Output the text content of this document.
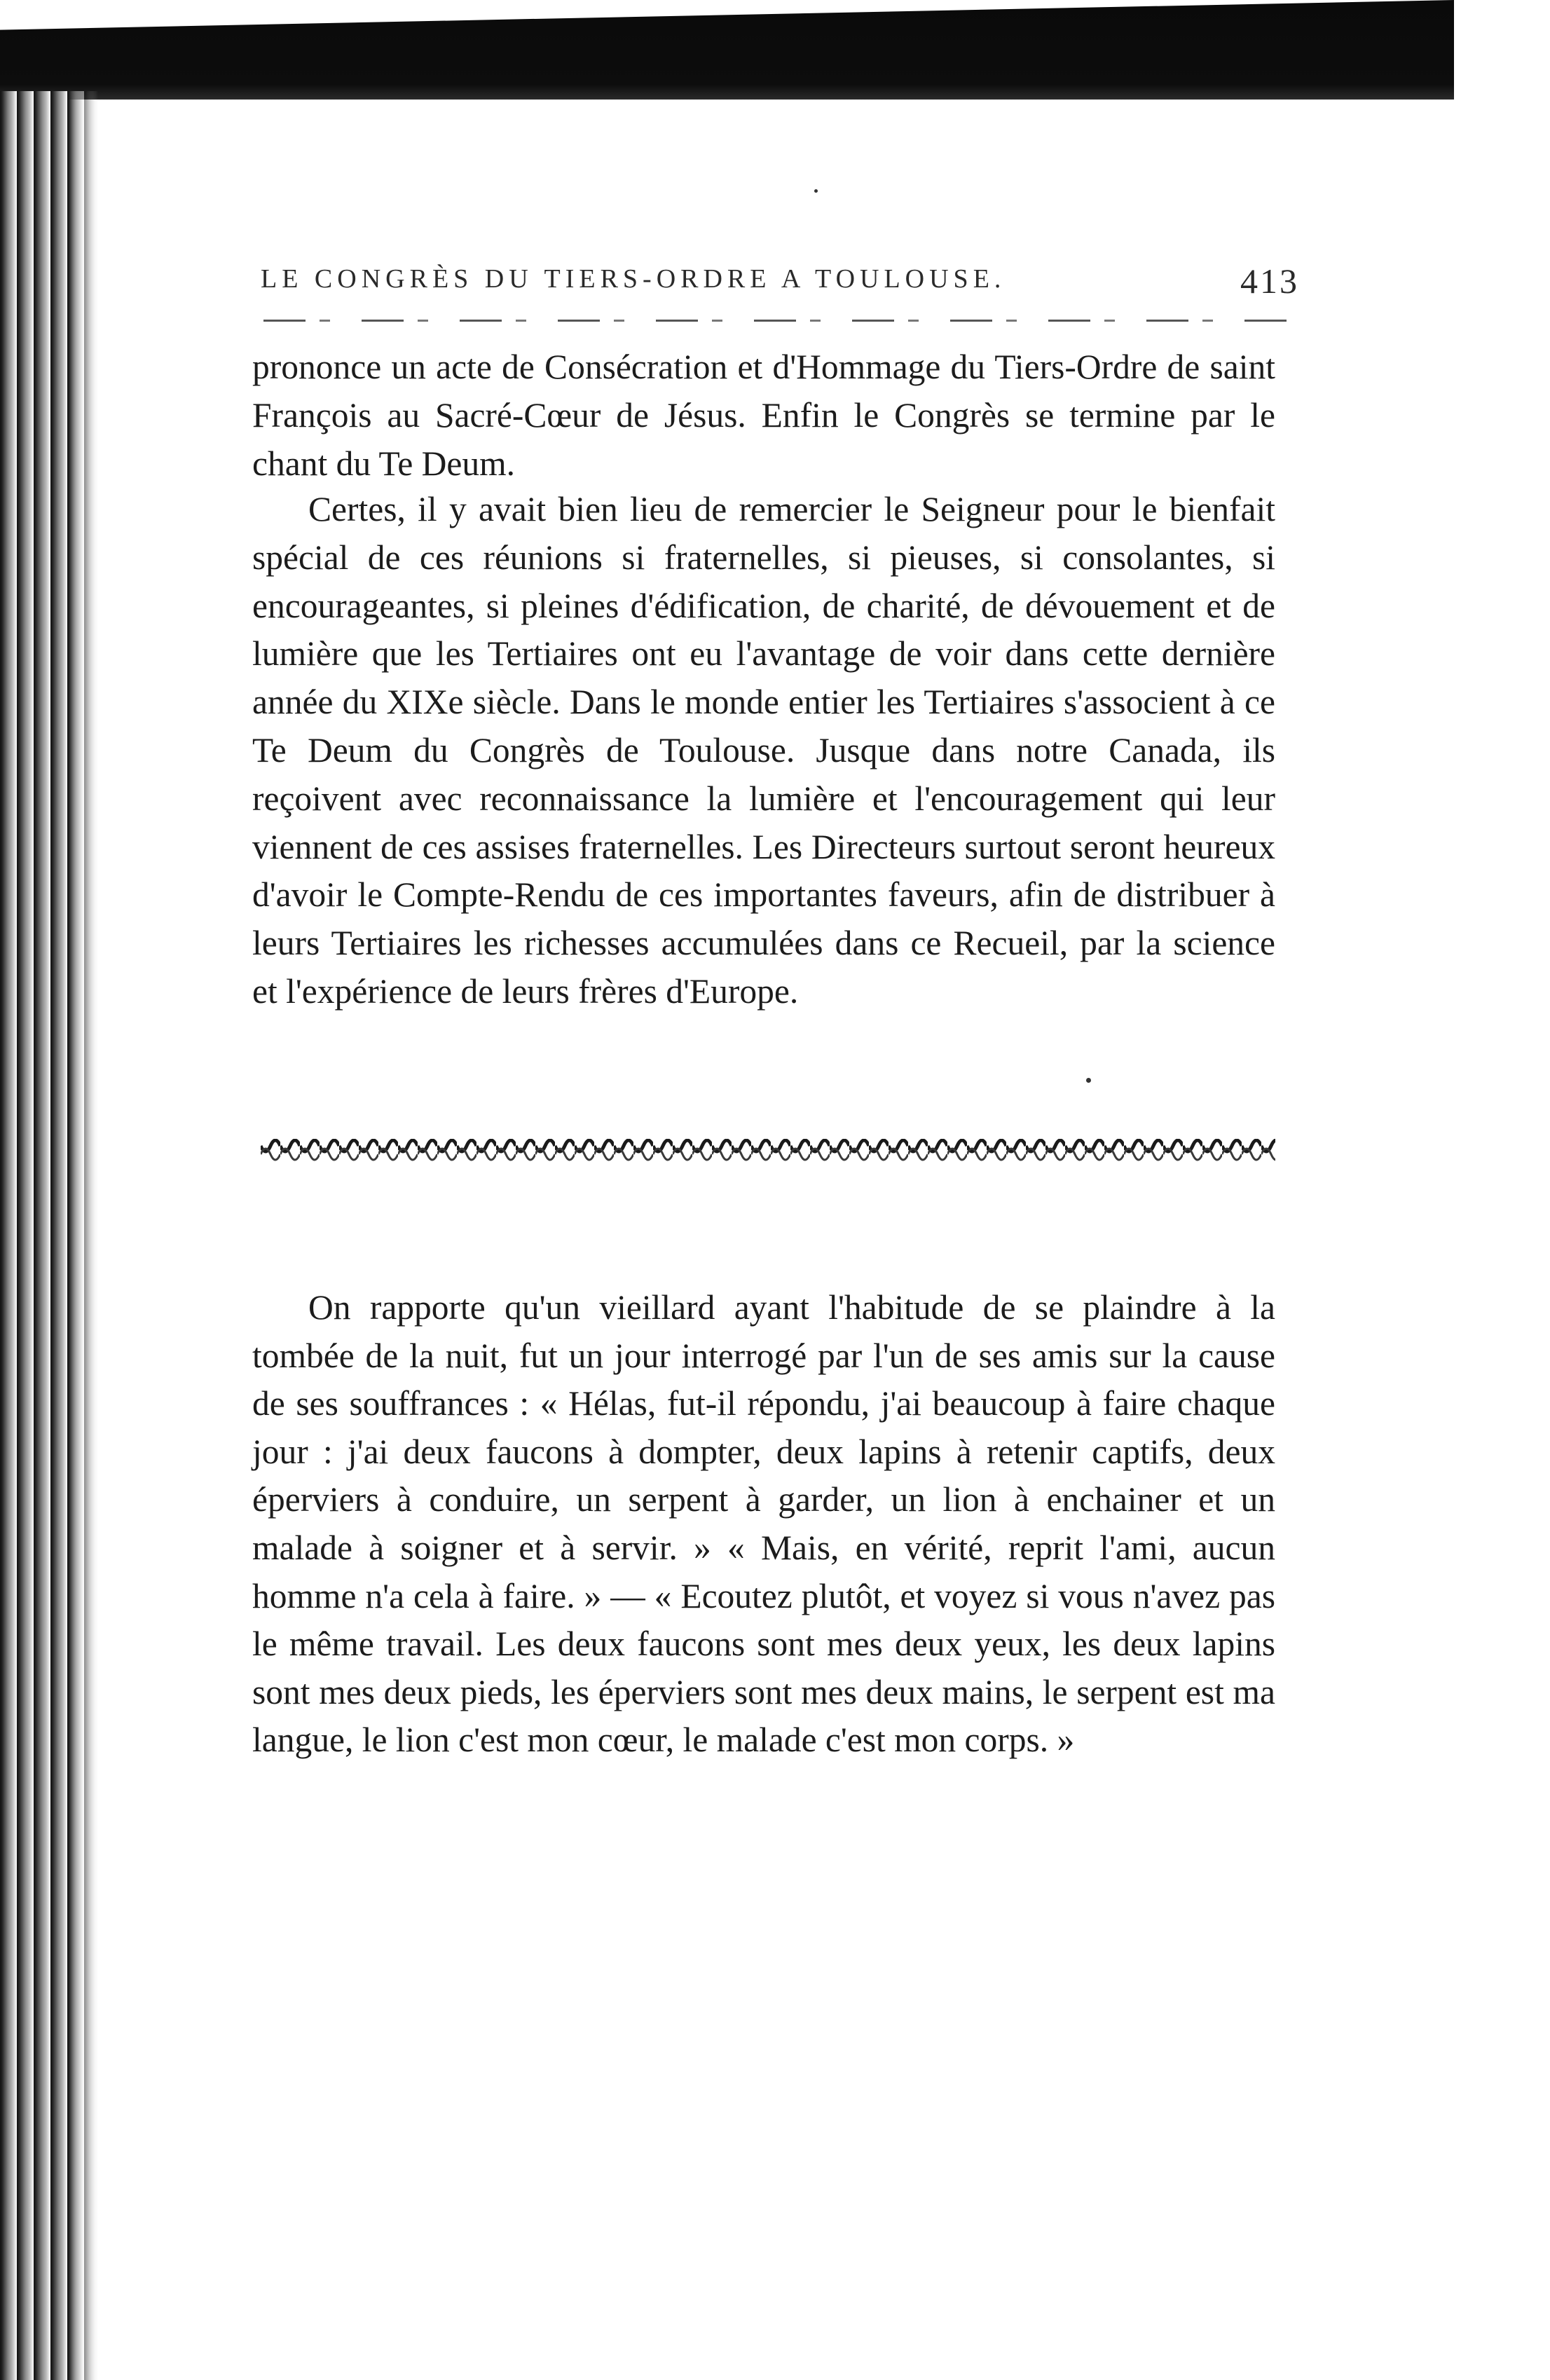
LE CONGRÈS DU TIERS-ORDRE A TOULOUSE.	413

prononce un acte de Consécration et d'Hommage du Tiers-Ordre de saint François au Sacré-Cœur de Jésus. Enfin le Congrès se termine par le chant du Te Deum.

Certes, il y avait bien lieu de remercier le Seigneur pour le bienfait spécial de ces réunions si fraternelles, si pieuses, si consolantes, si encourageantes, si pleines d'édification, de charité, de dévouement et de lumière que les Tertiaires ont eu l'avantage de voir dans cette dernière année du XIXe siècle. Dans le monde entier les Tertiaires s'associent à ce Te Deum du Congrès de Toulouse. Jusque dans notre Canada, ils reçoivent avec reconnaissance la lumière et l'encouragement qui leur viennent de ces assises fraternelles. Les Directeurs surtout seront heureux d'avoir le Compte-Rendu de ces importantes faveurs, afin de distribuer à leurs Tertiaires les richesses accumulées dans ce Recueil, par la science et l'expérience de leurs frères d'Europe.

On rapporte qu'un vieillard ayant l'habitude de se plaindre à la tombée de la nuit, fut un jour interrogé par l'un de ses amis sur la cause de ses souffrances : « Hélas, fut-il répondu, j'ai beaucoup à faire chaque jour : j'ai deux faucons à dompter, deux lapins à retenir captifs, deux éperviers à conduire, un serpent à garder, un lion à enchainer et un malade à soigner et à servir. » « Mais, en vérité, reprit l'ami, aucun homme n'a cela à faire. » — « Ecoutez plutôt, et voyez si vous n'avez pas le même travail. Les deux faucons sont mes deux yeux, les deux lapins sont mes deux pieds, les éperviers sont mes deux mains, le serpent est ma langue, le lion c'est mon cœur, le malade c'est mon corps. »
